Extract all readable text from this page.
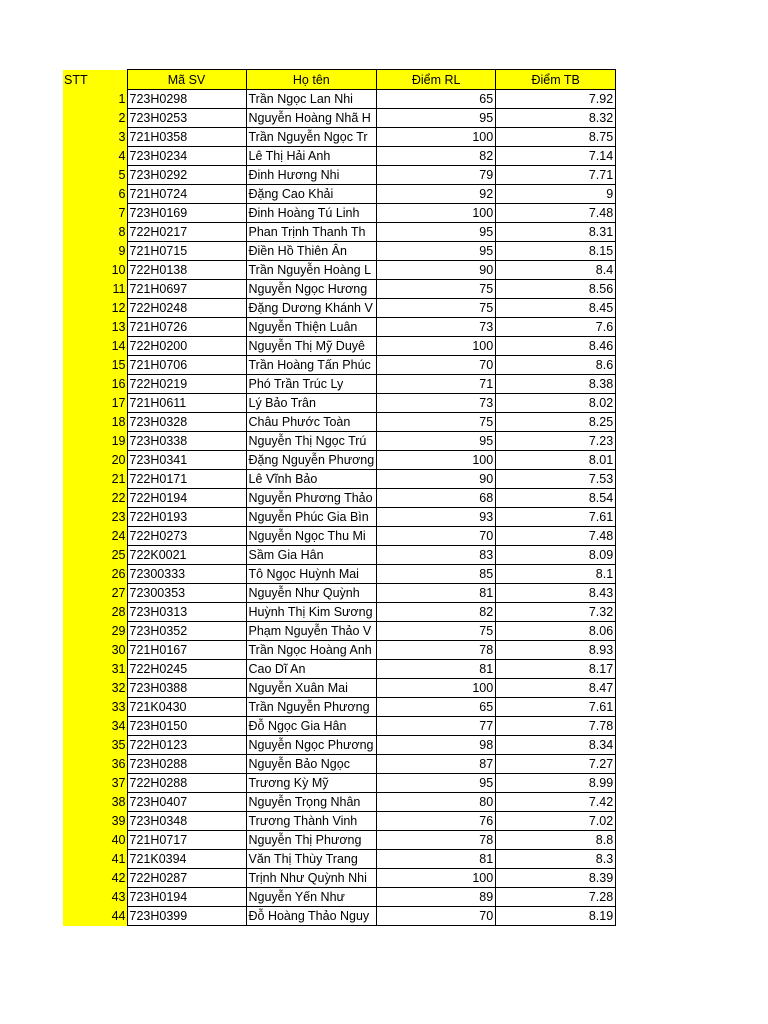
STT	Mã SV	Họ tên	Điểm RL	Điểm TB
1	723H0298	Trần Ngọc Lan Nhi	65	7.92
2	723H0253	Nguyễn Hoàng Nhã H	95	8.32
3	721H0358	Trần Nguyễn Ngọc Tr	100	8.75
4	723H0234	Lê Thị Hải Anh	82	7.14
5	723H0292	Đinh Hương Nhi	79	7.71
6	721H0724	Đặng Cao Khải	92	9
7	723H0169	Đinh Hoàng Tú Linh	100	7.48
8	722H0217	Phan Trịnh Thanh Th	95	8.31
9	721H0715	Điền Hồ Thiên Ân	95	8.15
10	722H0138	Trần Nguyễn Hoàng L	90	8.4
11	721H0697	Nguyễn Ngọc Hương	75	8.56
12	722H0248	Đặng Dương Khánh V	75	8.45
13	721H0726	Nguyễn Thiện Luân	73	7.6
14	722H0200	Nguyễn Thị Mỹ Duyê	100	8.46
15	721H0706	Trần Hoàng Tấn Phúc	70	8.6
16	722H0219	Phó Trần Trúc Ly	71	8.38
17	721H0611	Lý Bảo Trân	73	8.02
18	723H0328	Châu Phước Toàn	75	8.25
19	723H0338	Nguyễn Thị Ngọc Trú	95	7.23
20	723H0341	Đặng Nguyễn Phương	100	8.01
21	722H0171	Lê Vĩnh Bảo	90	7.53
22	722H0194	Nguyễn Phương Thảo	68	8.54
23	722H0193	Nguyễn Phúc Gia Bìn	93	7.61
24	722H0273	Nguyễn Ngọc Thu Mi	70	7.48
25	722K0021	Sầm Gia Hân	83	8.09
26	72300333	Tô Ngọc Huỳnh Mai	85	8.1
27	72300353	Nguyễn Như Quỳnh	81	8.43
28	723H0313	Huỳnh Thị Kim Sương	82	7.32
29	723H0352	Phạm Nguyễn Thảo V	75	8.06
30	721H0167	Trần Ngọc Hoàng Anh	78	8.93
31	722H0245	Cao Dĩ An	81	8.17
32	723H0388	Nguyễn Xuân Mai	100	8.47
33	721K0430	Trần Nguyễn Phương	65	7.61
34	723H0150	Đỗ Ngọc Gia Hân	77	7.78
35	722H0123	Nguyễn Ngọc Phương	98	8.34
36	723H0288	Nguyễn Bảo Ngọc	87	7.27
37	722H0288	Trương Kỳ Mỹ	95	8.99
38	723H0407	Nguyễn Trọng Nhân	80	7.42
39	723H0348	Trương Thành Vinh	76	7.02
40	721H0717	Nguyễn Thị Phương	78	8.8
41	721K0394	Văn Thị Thùy Trang	81	8.3
42	722H0287	Trịnh Như Quỳnh Nhi	100	8.39
43	723H0194	Nguyễn Yến Như	89	7.28
44	723H0399	Đỗ Hoàng Thảo Nguy	70	8.19
